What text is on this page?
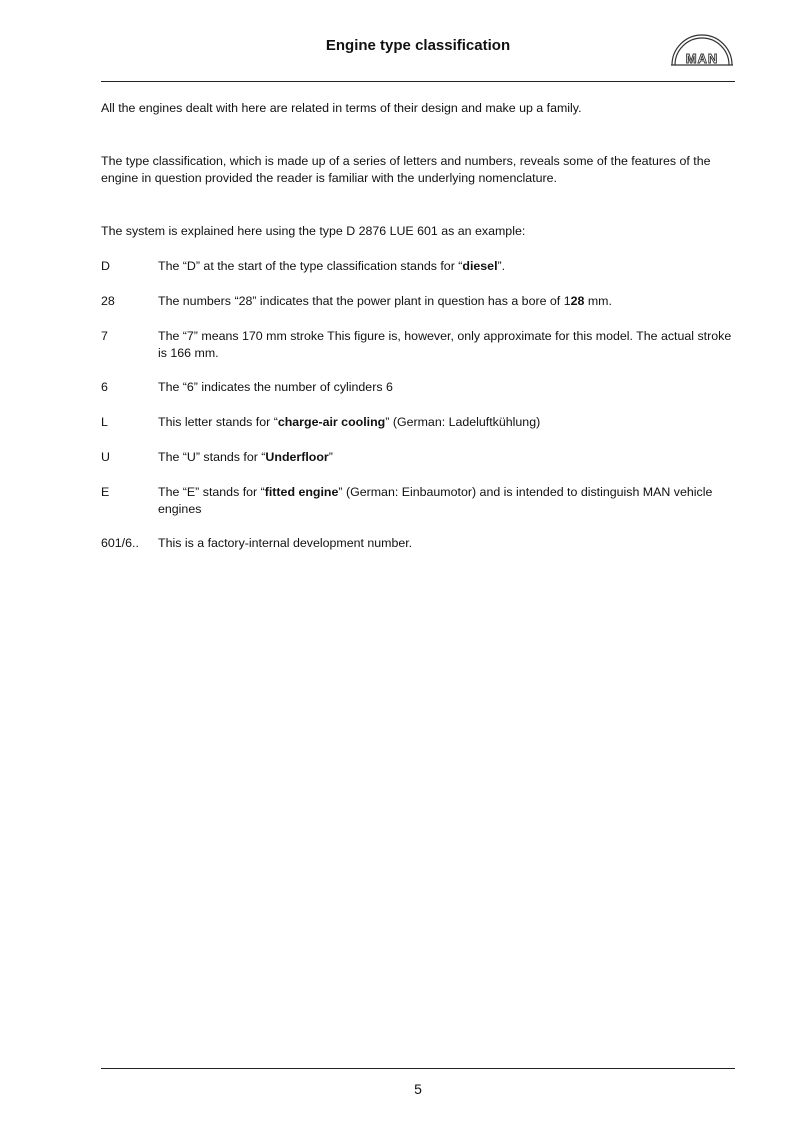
Engine type classification
MAN

All the engines dealt with here are related in terms of their design and make up a family.

The type classification, which is made up of a series of letters and numbers, reveals some of the features of the engine in question provided the reader is familiar with the underlying nomenclature.

The system is explained here using the type D 2876 LUE 601 as an example:

D	The “D” at the start of the type classification stands for “diesel”.
28	The numbers “28” indicates that the power plant in question has a bore of 128 mm.
7	The “7” means 170 mm stroke This figure is, however, only approximate for this model. The actual stroke is 166 mm.
6	The “6” indicates the number of cylinders 6
L	This letter stands for “charge-air cooling” (German: Ladeluftkühlung)
U	The “U” stands for “Underfloor”
E	The “E” stands for “fitted engine” (German: Einbaumotor) and is intended to distinguish MAN vehicle engines
601/6..	This is a factory-internal development number.
5
